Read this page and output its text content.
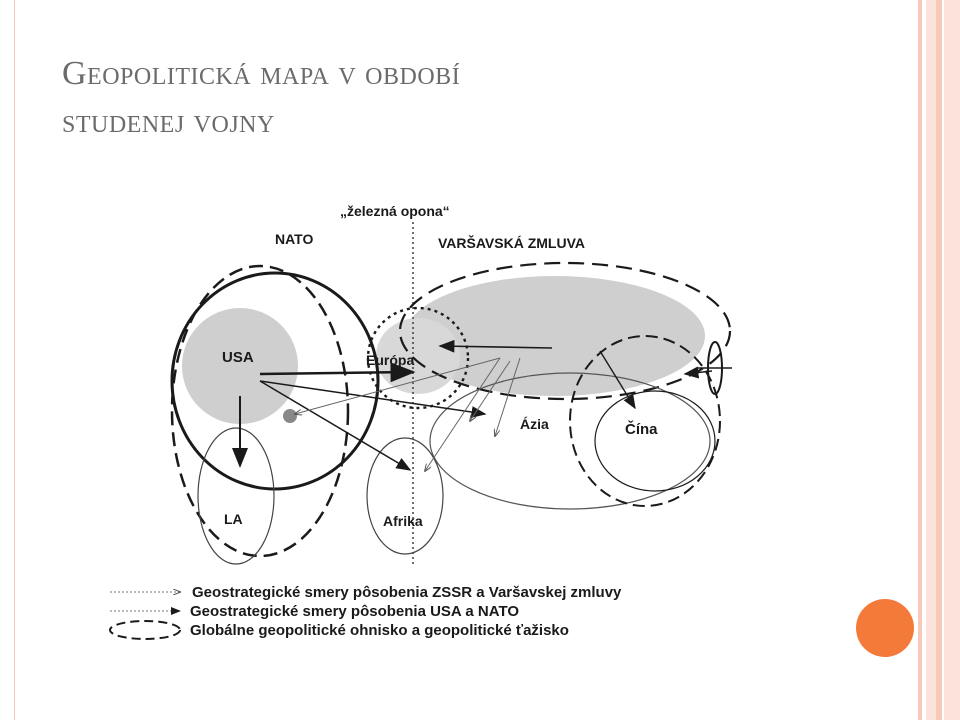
Geopolitická mapa v období
studenej vojny
„železná opona“
NATO	VARŠAVSKÁ ZMLUVA
USA	Európa
Ázia	Čína
LA	Afrika
Geostrategické smery pôsobenia ZSSR a Varšavskej zmluvy
Geostrategické smery pôsobenia USA a NATO
Globálne geopolitické ohnisko a geopolitické ťažisko
